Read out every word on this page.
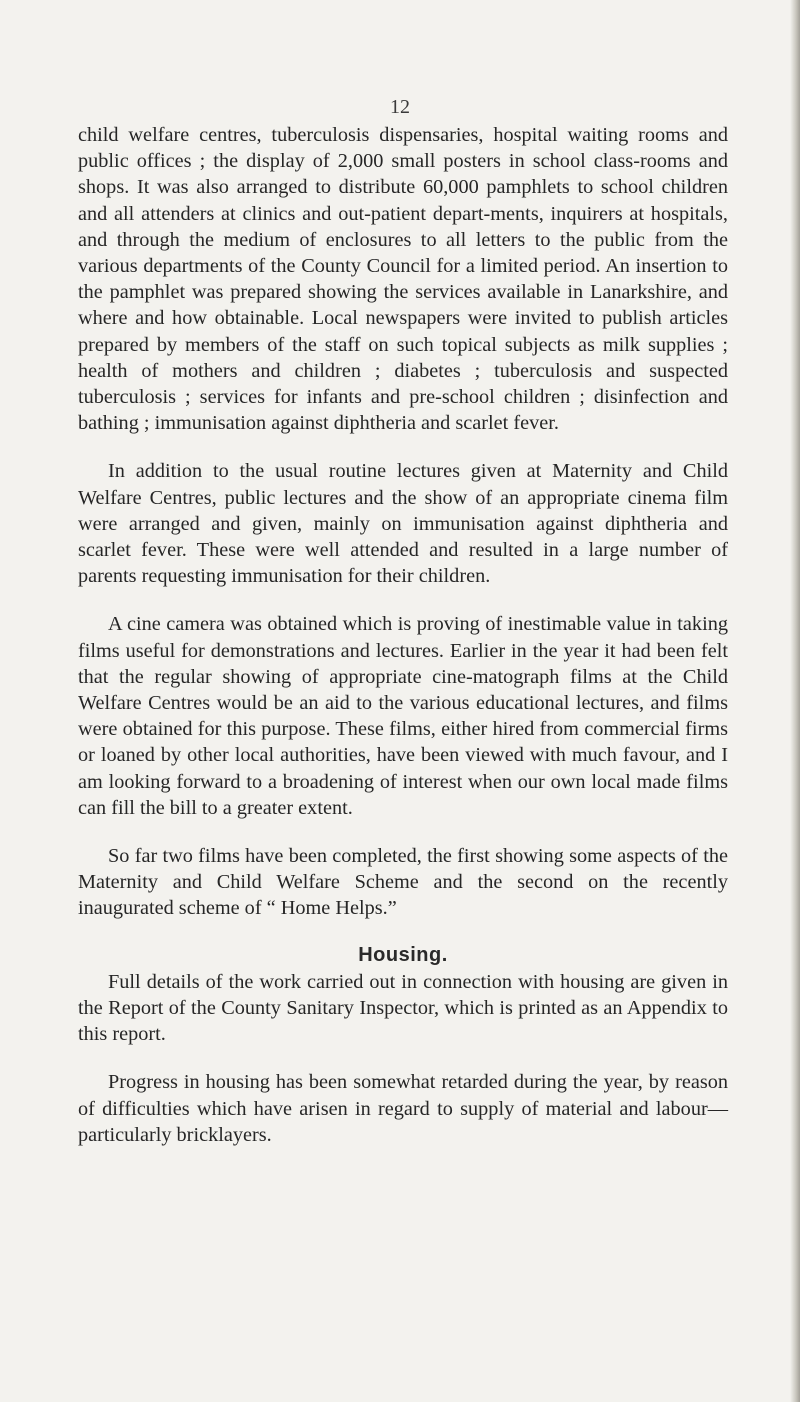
12

child welfare centres, tuberculosis dispensaries, hospital waiting rooms and public offices ; the display of 2,000 small posters in school class-rooms and shops. It was also arranged to distribute 60,000 pamphlets to school children and all attenders at clinics and out-patient depart-ments, inquirers at hospitals, and through the medium of enclosures to all letters to the public from the various departments of the County Council for a limited period. An insertion to the pamphlet was prepared showing the services available in Lanarkshire, and where and how obtainable. Local newspapers were invited to publish articles prepared by members of the staff on such topical subjects as milk supplies ; health of mothers and children ; diabetes ; tuberculosis and suspected tuberculosis ; services for infants and pre-school children ; disinfection and bathing ; immunisation against diphtheria and scarlet fever.

In addition to the usual routine lectures given at Maternity and Child Welfare Centres, public lectures and the show of an appropriate cinema film were arranged and given, mainly on immunisation against diphtheria and scarlet fever. These were well attended and resulted in a large number of parents requesting immunisation for their children.

A cine camera was obtained which is proving of inestimable value in taking films useful for demonstrations and lectures. Earlier in the year it had been felt that the regular showing of appropriate cine-matograph films at the Child Welfare Centres would be an aid to the various educational lectures, and films were obtained for this purpose. These films, either hired from commercial firms or loaned by other local authorities, have been viewed with much favour, and I am looking forward to a broadening of interest when our own local made films can fill the bill to a greater extent.

So far two films have been completed, the first showing some aspects of the Maternity and Child Welfare Scheme and the second on the recently inaugurated scheme of “ Home Helps.”

Housing.

Full details of the work carried out in connection with housing are given in the Report of the County Sanitary Inspector, which is printed as an Appendix to this report.

Progress in housing has been somewhat retarded during the year, by reason of difficulties which have arisen in regard to supply of material and labour—particularly bricklayers.
